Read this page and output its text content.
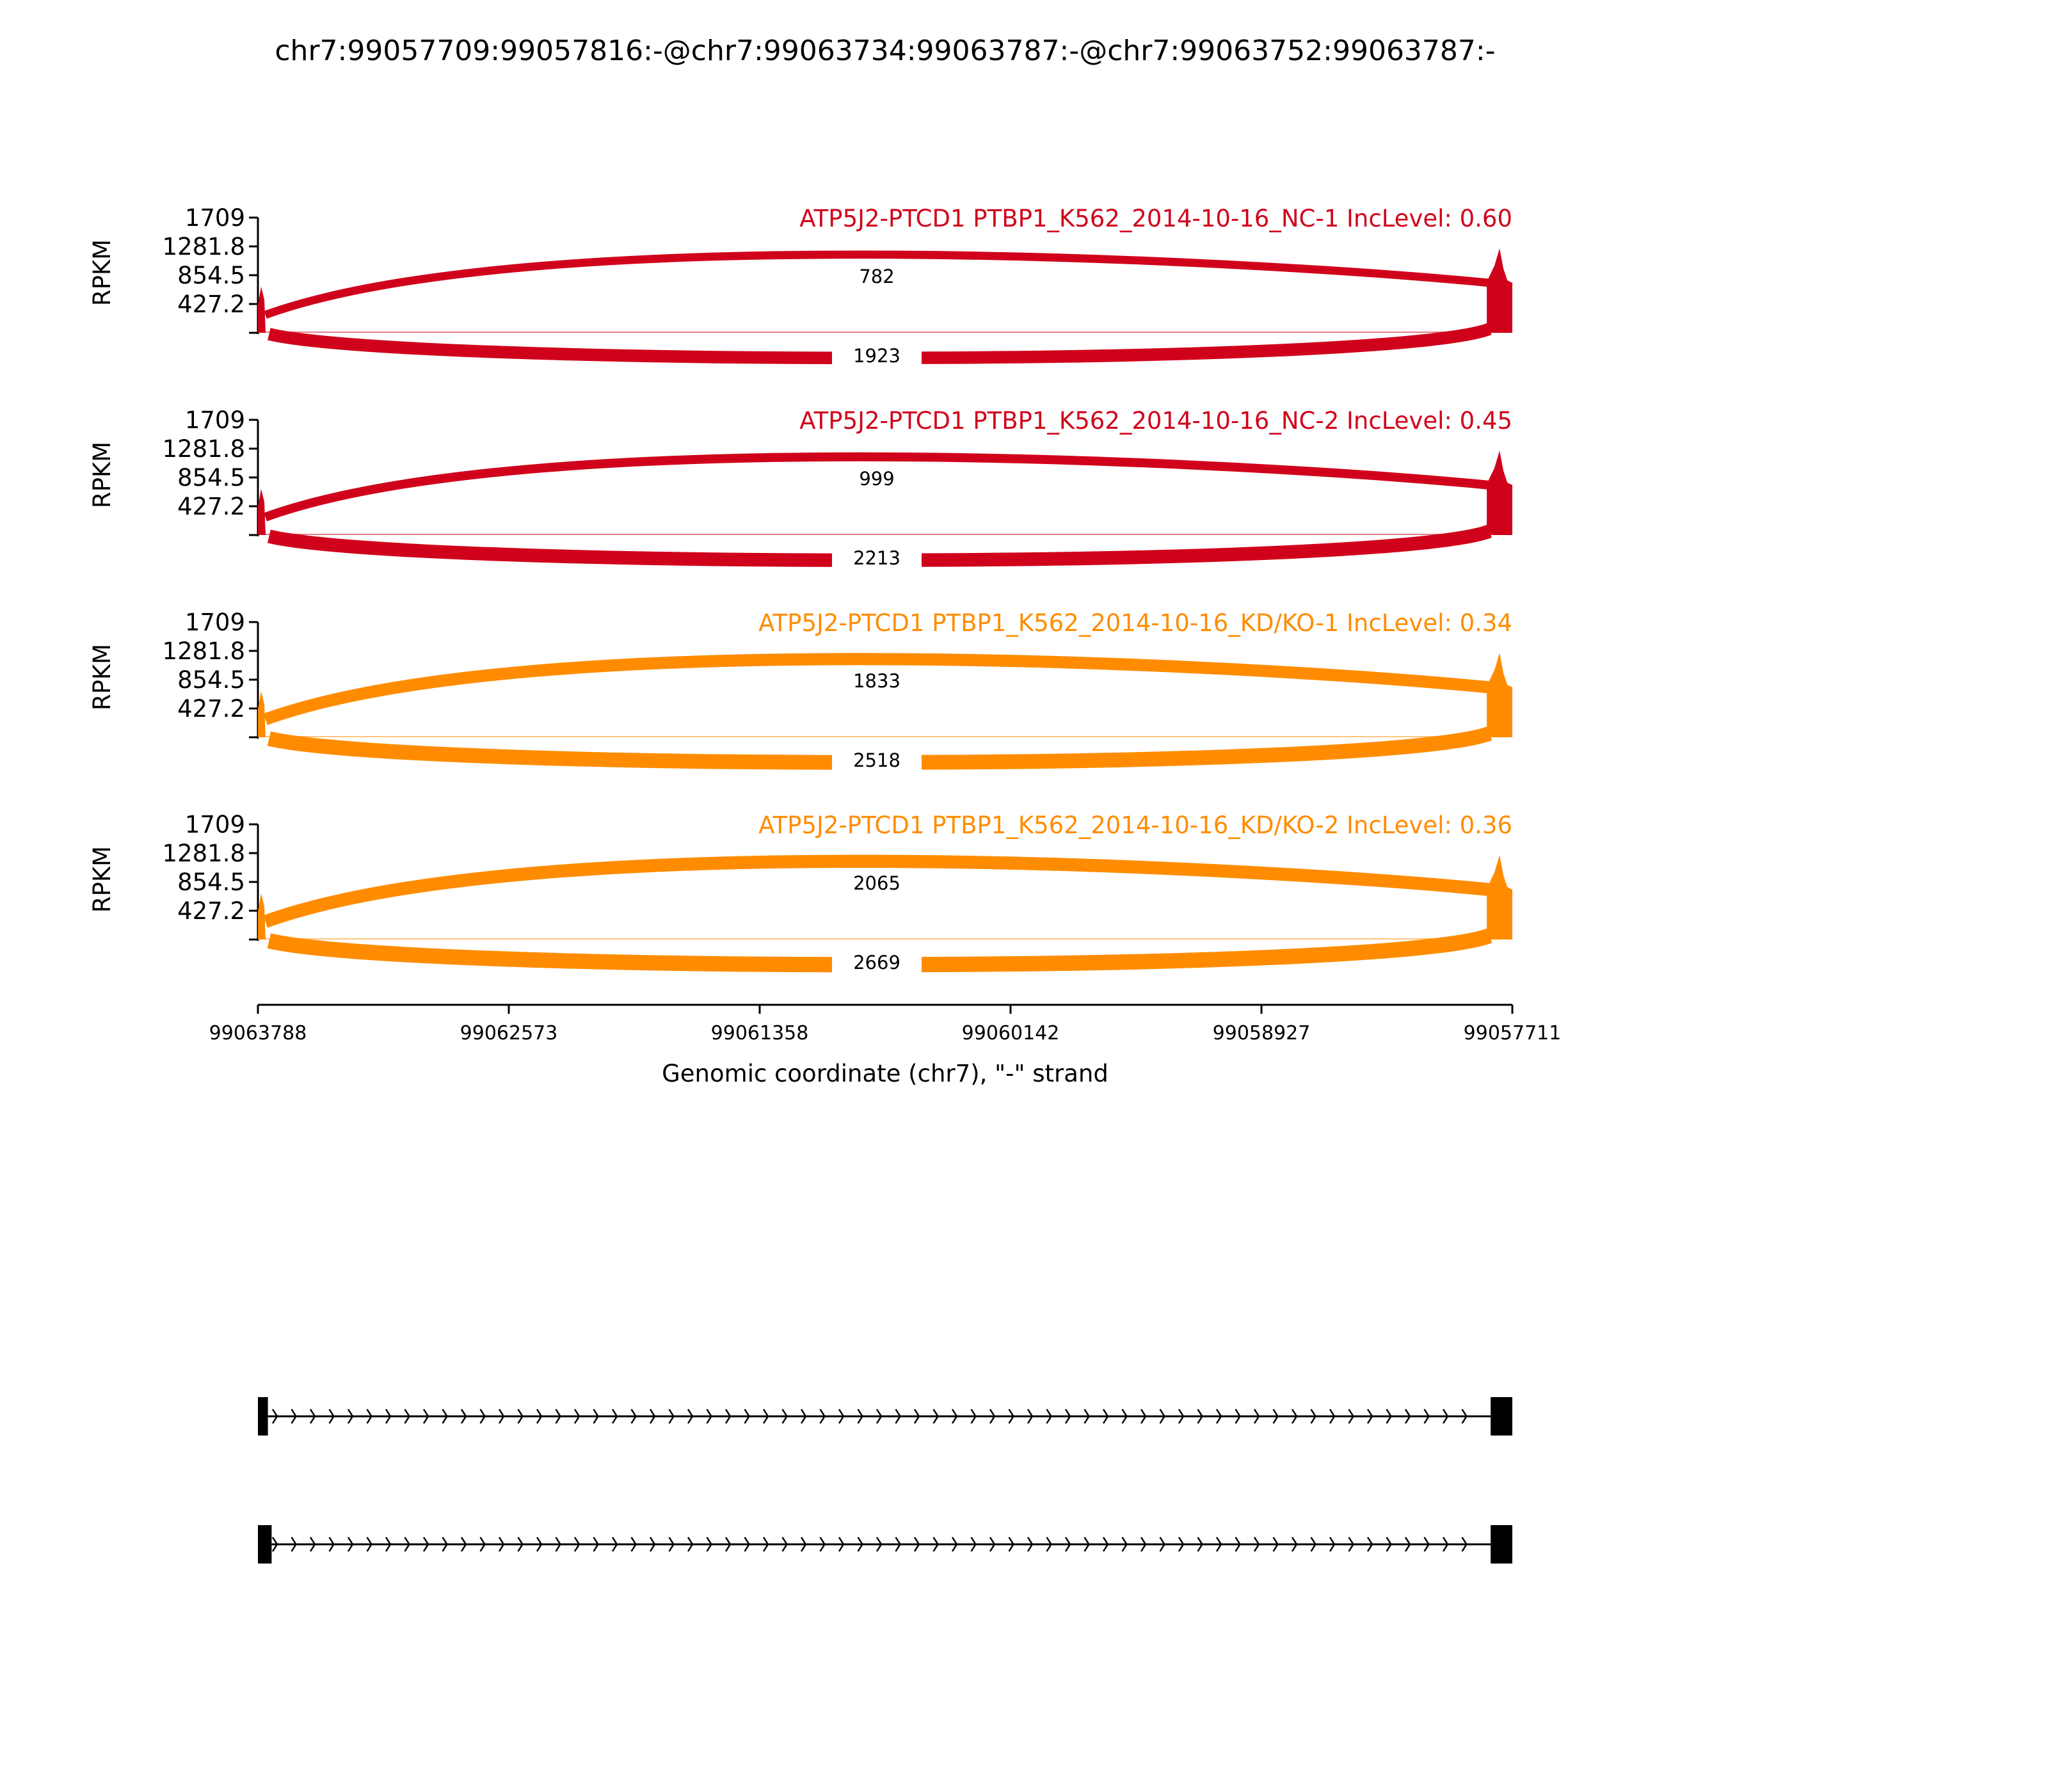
chr7:99057709:99057816:-@chr7:99063734:99063787:-@chr7:99063752:99063787:-
1709
1281.8
854.5
427.2
RPKM
ATP5J2-PTCD1 PTBP1_K562_2014-10-16_NC-1 IncLevel: 0.60
782
1923
1709
1281.8
854.5
427.2
RPKM
ATP5J2-PTCD1 PTBP1_K562_2014-10-16_NC-2 IncLevel: 0.45
999
2213
1709
1281.8
854.5
427.2
RPKM
ATP5J2-PTCD1 PTBP1_K562_2014-10-16_KD/KO-1 IncLevel: 0.34
1833
2518
1709
1281.8
854.5
427.2
RPKM
ATP5J2-PTCD1 PTBP1_K562_2014-10-16_KD/KO-2 IncLevel: 0.36
2065
2669
99063788	99062573	99061358	99060142	99058927	99057711
Genomic coordinate (chr7), "-" strand
